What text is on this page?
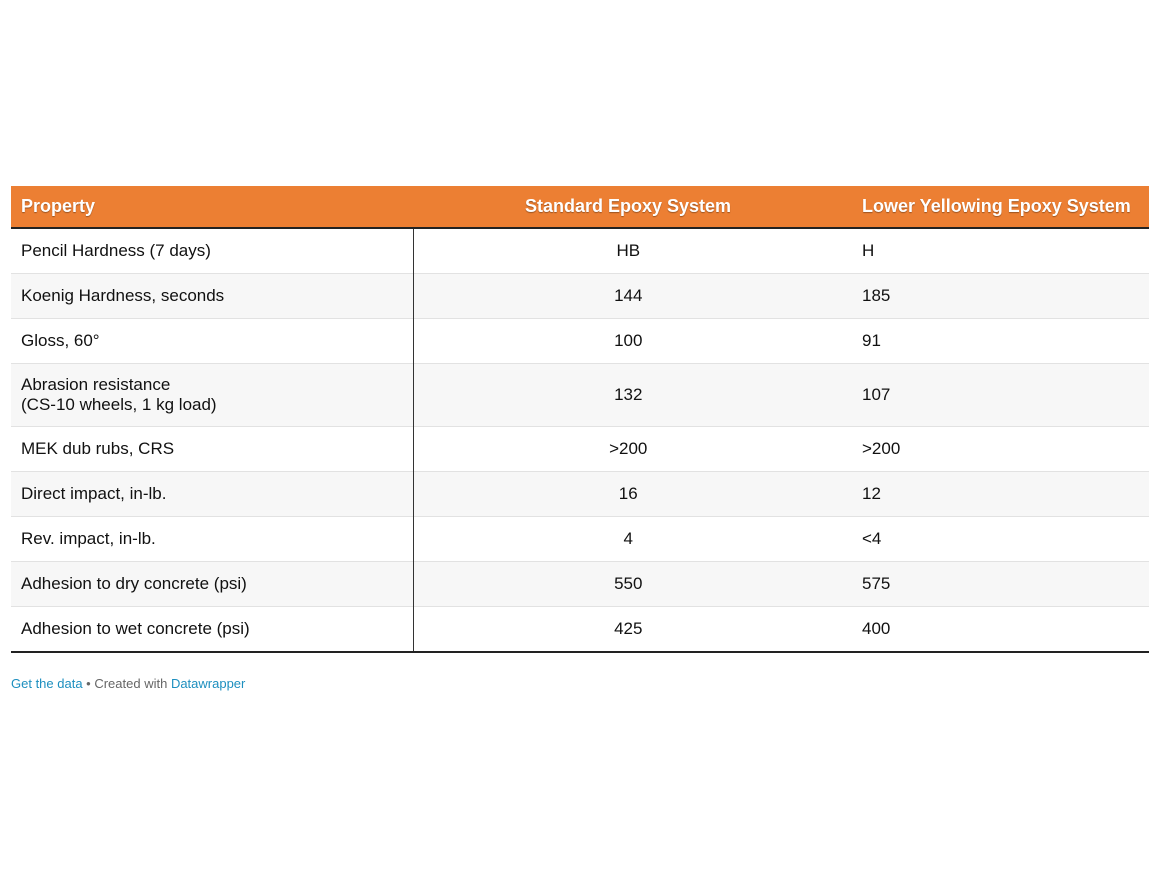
Property	Standard Epoxy System	Lower Yellowing Epoxy System
Pencil Hardness (7 days)	HB	H
Koenig Hardness, seconds	144	185
Gloss, 60°	100	91
Abrasion resistance
(CS-10 wheels, 1 kg load)	132	107
MEK dub rubs, CRS	>200	>200
Direct impact, in-lb.	16	12
Rev. impact, in-lb.	4	<4
Adhesion to dry concrete (psi)	550	575
Adhesion to wet concrete (psi)	425	400
Get the data • Created with Datawrapper
